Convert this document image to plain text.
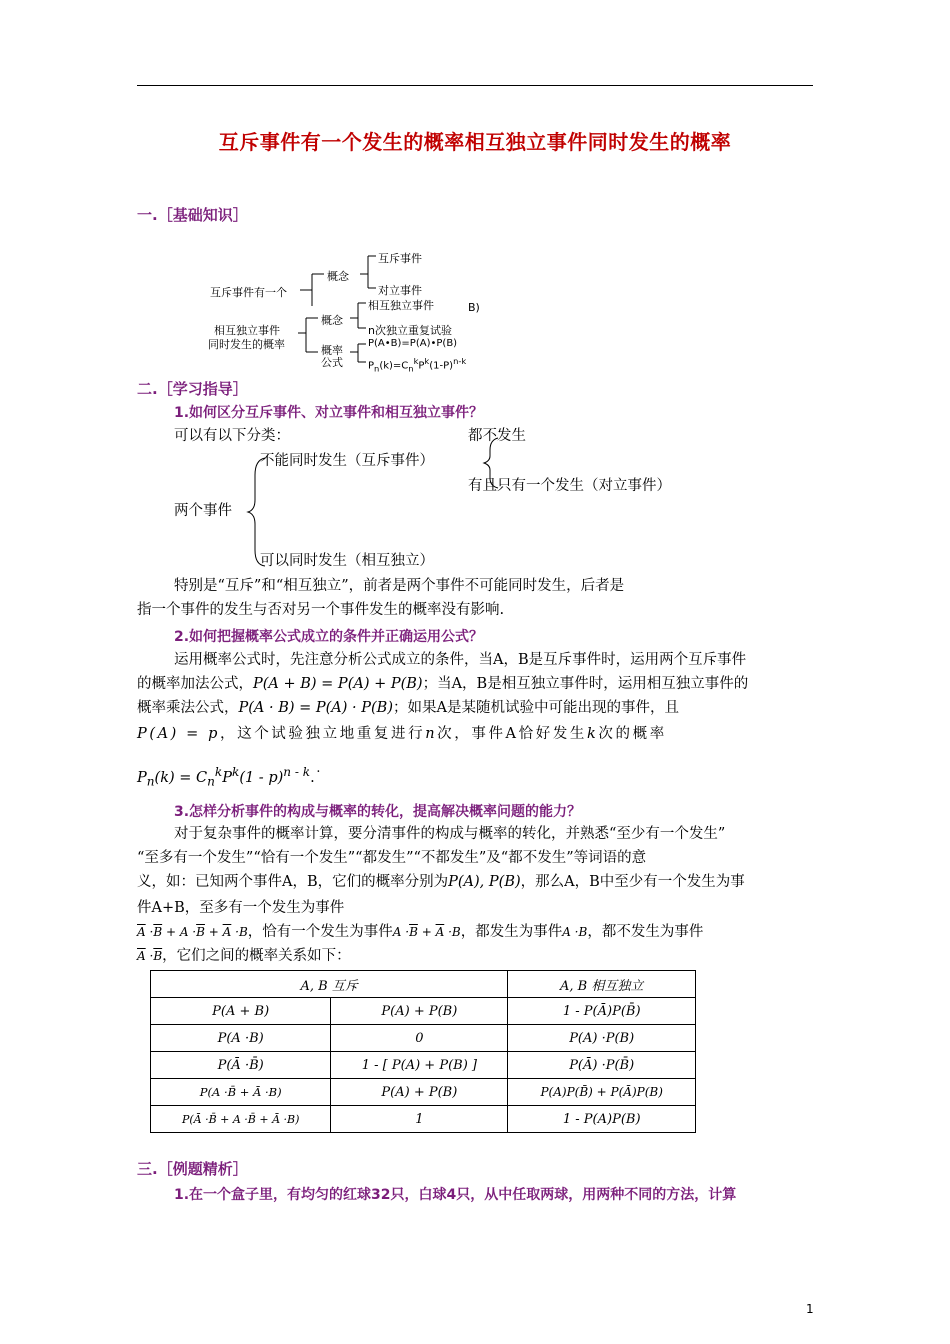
互斥事件有一个发生的概率相互独立事件同时发生的概率
一.［基础知识］
互斥事件有一个
概念
互斥事件
对立事件
B)
相互独立事件
同时发生的概率
概念
相互独立事件
n次独立重复试验
概率
公式
P(A•B)=P(A)•P(B)
$P_n(k)=C_n^kP^k(1-P)^{n-k}$
二.［学习指导］
1.如何区分互斥事件、对立事件和相互独立事件？
可以有以下分类：	都不发生
不能同时发生（互斥事件）
有且只有一个发生（对立事件）
两个事件
可以同时发生（相互独立）
特别是“互斥”和“相互独立”，前者是两个事件不可能同时发生，后者是
指一个事件的发生与否对另一个事件发生的概率没有影响.
2.如何把握概率公式成立的条件并正确运用公式？
运用概率公式时，先注意分析公式成立的条件，当A，B是互斥事件时，运用两个互斥事件
的概率加法公式，P(A + B) = P(A) + P(B)；当A，B是相互独立事件时，运用相互独立事件的
概率乘法公式，P(A · B) = P(A) · P(B)；如果A是某随机试验中可能出现的事件，且
P(A) = p，这个试验独立地重复进行n次，事件A恰好发生k次的概率
$P_n(k) = C_n^kP^k(1$ - p)$^{n - k}$.˙
3.怎样分析事件的构成与概率的转化，提高解决概率问题的能力？
对于复杂事件的概率计算，要分清事件的构成与概率的转化，并熟悉“至少有一个发生”
“至多有一个发生”“恰有一个发生”“都发生”“不都发生”及“都不发生”等词语的意
义，如：已知两个事件A，B，它们的概率分别为P(A), P(B)，那么A，B中至少有一个发生为事
件A+B，至多有一个发生为事件
$\overline{A} \cdot\overline{B} + A \cdot\overline{B} + \overline{A} \cdot B$，恰有一个发生为事件$A \cdot\overline{B} + \overline{A} \cdot B$，都发生为事件A ·B，都不发生为事件
$\overline{A} \cdot\overline{B}$，它们之间的概率关系如下：
A, B 互斥		A, B 相互独立
P(A + B)	P(A) + P(B)	1 - P(Ā)P(B̄)
P(A ·B)	0	P(A) ·P(B)
P(Ā ·B̄)	1 - [ P(A) + P(B) ]	P(Ā) ·P(B̄)
P(A ·B̄ + Ā ·B)	P(A) + P(B)	P(A)P(B̄) + P(Ā)P(B)
P(Ā ·B̄ + A ·B̄ + Ā ·B)	1	1 - P(A)P(B)
三.［例题精析］
1.在一个盒子里，有均匀的红球32只，白球4只，从中任取两球，用两种不同的方法，计算
1
